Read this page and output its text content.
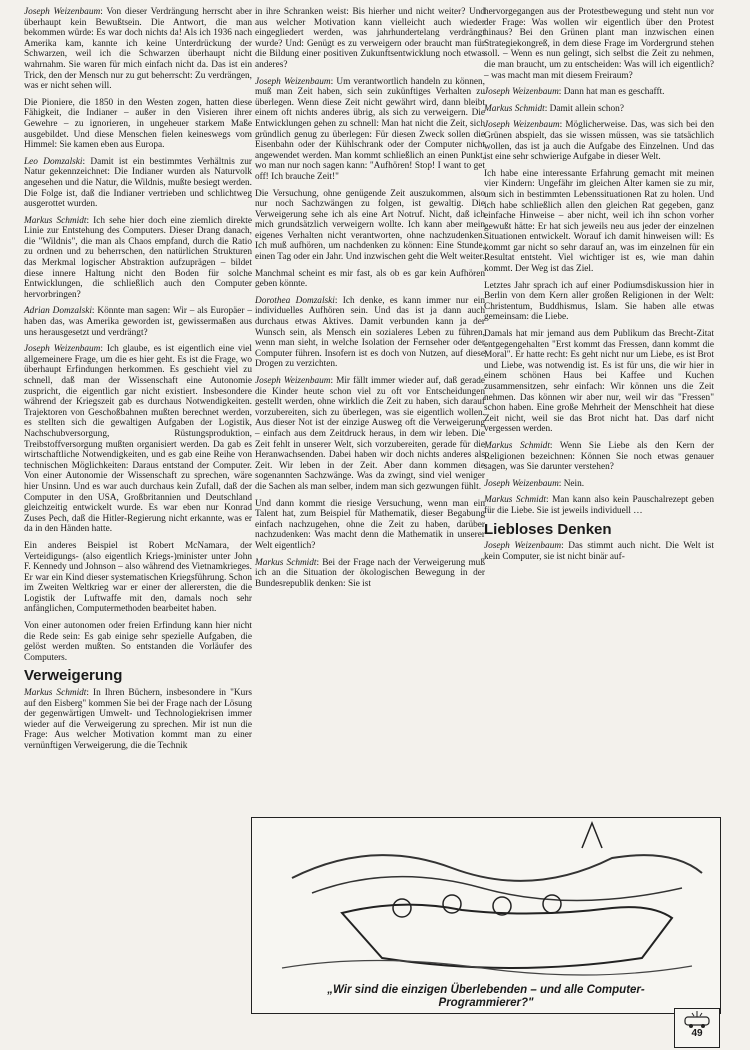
Joseph Weizenbaum : Von dieser Verdrängung herrscht aber überhaupt kein Bewußtsein. Die Antwort, die man bekommen würde: Es war doch nichts da! Als ich 1936 nach Amerika kam, kannte ich keine Unterdrückung der Schwarzen, weil ich die Schwarzen überhaupt nicht wahrnahm. Sie waren für mich einfach nicht da. Das ist ein Trick, den der Mensch nur zu gut beherrscht: Zu verdrängen, was er nicht sehen will.

Die Pioniere, die 1850 in den Westen zogen, hatten diese Fähigkeit, die Indianer – außer in den Visieren ihrer Gewehre – zu ignorieren, in ungeheuer starkem Maße ausgebildet. Und diese Menschen fielen keineswegs vom Himmel: Sie kamen eben aus Europa.

Leo Domzalski : Damit ist ein bestimmtes Verhältnis zur Natur gekennzeichnet: Die Indianer wurden als Naturvolk angesehen und die Natur, die Wildnis, mußte besiegt werden. Die Folge ist, daß die Indianer vertrieben und schlichtweg ausgerottet wurden.

Markus Schmidt : Ich sehe hier doch eine ziemlich direkte Linie zur Entstehung des Computers. Dieser Drang danach, die "Wildnis", die man als Chaos empfand, durch die Ratio zu ordnen und zu beherrschen, den natürlichen Strukturen das Merkmal logischer Abstraktion aufzuprägen – bildet diese innere Haltung nicht den Boden für solche Entwicklungen, die schließlich auch den Computer hervorbringen?

Adrian Domzalski : Könnte man sagen: Wir – als Europäer – haben das, was Amerika geworden ist, gewissermaßen aus uns herausgesetzt und verdrängt?

Joseph Weizenbaum : Ich glaube, es ist eigentlich eine viel allgemeinere Frage, um die es hier geht. Es ist die Frage, wo überhaupt Erfindungen herkommen. Es geschieht viel zu schnell, daß man der Wissenschaft eine Autonomie zuspricht, die eigentlich gar nicht existiert. Insbesondere während der Kriegszeit gab es durchaus Notwendigkeiten. Trajektoren von Geschoßbahnen mußten berechnet werden, es stellten sich die gewaltigen Aufgaben der Logistik, Nachschubversorgung, Rüstungsproduktion, Treibstoffversorgung mußten organisiert werden. Da gab es wirtschaftliche Notwendigkeiten, und es gab eine Reihe von technischen Möglichkeiten: Daraus entstand der Computer. Von einer Autonomie der Wissenschaft zu sprechen, wäre hier Unsinn. Und es war auch durchaus kein Zufall, daß der Computer in den USA, Großbritannien und Deutschland gleichzeitig entwickelt wurde. Es war eben nur Konrad Zuses Pech, daß die Hitler-Regierung nicht erkannte, was er da in den Händen hatte.

Ein anderes Beispiel ist Robert McNamara, der Verteidigungs- (also eigentlich Kriegs-)minister unter John F. Kennedy und Johnson – also während des Vietnamkrieges. Er war ein Kind dieser systematischen Kriegsführung. Schon im Zweiten Weltkrieg war er einer der allerersten, die die Logistik der Luftwaffe mit den, damals noch sehr anfänglichen, Computermethoden bearbeitet haben.

Von einer autonomen oder freien Erfindung kann hier nicht die Rede sein: Es gab einige sehr spezielle Aufgaben, die gelöst werden mußten. So entstanden die Vorläufer des Computers.

Verweigerung

Markus Schmidt : In Ihren Büchern, insbesondere in "Kurs auf den Eisberg" kommen Sie bei der Frage nach der Lösung der gegenwärtigen Umwelt- und Technologiekrisen immer wieder auf die Verweigerung zu sprechen. Mir ist nun die Frage: Aus welcher Motivation kommt man zu einer vernünftigen Verweigerung, die die Technik

in ihre Schranken weist: Bis hierher und nicht weiter? Und aus welcher Motivation kann vielleicht auch wieder eingegliedert werden, was jahrhundertelang verdrängt wurde? Und: Genügt es zu verweigern oder braucht man für die Bildung einer positiven Zukunftsentwicklung noch etwas anderes?

Joseph Weizenbaum : Um verantwortlich handeln zu können, muß man Zeit haben, sich sein zukünftiges Verhalten zu überlegen. Wenn diese Zeit nicht gewährt wird, dann bleibt einem oft nichts anderes übrig, als sich zu verweigern. Die Entwicklungen gehen zu schnell: Man hat nicht die Zeit, sich gründlich genug zu überlegen: Für diesen Zweck sollen die Eisenbahn oder der Kühlschrank oder der Computer nicht angewendet werden. Man kommt schließlich an einen Punkt, wo man nur noch sagen kann: "Aufhören! Stop! I want to get off! Ich brauche Zeit!"

Die Versuchung, ohne genügende Zeit auszukommen, also nur noch Sachzwängen zu folgen, ist gewaltig. Die Verweigerung sehe ich als eine Art Notruf. Nicht, daß ich mich grundsätzlich verweigern wollte. Ich kann aber mein eigenes Verhalten nicht verantworten, ohne nachzudenken. Ich muß aufhören, um nachdenken zu können: Eine Stunde, einen Tag oder ein Jahr. Und inzwischen geht die Welt weiter.

Manchmal scheint es mir fast, als ob es gar kein Aufhören geben könnte.

Dorothea Domzalski : Ich denke, es kann immer nur ein individuelles Aufhören sein. Und das ist ja dann auch durchaus etwas Aktives. Damit verbunden kann ja der Wunsch sein, als Mensch ein sozialeres Leben zu führen, wenn man sieht, in welche Isolation der Fernseher oder der Computer führen. Insofern ist es doch von Nutzen, auf diese Drogen zu verzichten.

Joseph Weizenbaum : Mir fällt immer wieder auf, daß gerade die Kinder heute schon viel zu oft vor Entscheidungen gestellt werden, ohne wirklich die Zeit zu haben, sich darauf vorzubereiten, sich zu überlegen, was sie eigentlich wollen. Aus dieser Not ist der einzige Ausweg oft die Verweigerung – einfach aus dem Zeitdruck heraus, in dem wir leben. Die Zeit fehlt in unserer Welt, sich vorzubereiten, gerade für die Heranwachsenden. Dabei haben wir doch nichts anderes als Zeit. Wir leben in der Zeit. Aber dann kommen die sogenannten Sachzwänge. Was da zwingt, sind viel weniger die Sachen als man selber, indem man sich gezwungen fühlt.

Und dann kommt die riesige Versuchung, wenn man ein Talent hat, zum Beispiel für Mathematik, dieser Begabung einfach nachzugehen, ohne die Zeit zu haben, darüber nachzudenken: Was macht denn die Mathematik in unserer Welt eigentlich?

Markus Schmidt : Bei der Frage nach der Verweigerung muß ich an die Situation der ökologischen Bewegung in der Bundesrepublik denken: Sie ist

hervorgegangen aus der Protestbewegung und steht nun vor der Frage: Was wollen wir eigentlich über den Protest hinaus? Bei den Grünen plant man inzwischen einen Strategiekongreß, in dem diese Frage im Vordergrund stehen soll. – Wenn es nun gelingt, sich selbst die Zeit zu nehmen, die man braucht, um zu entscheiden: Was will ich eigentlich? – was macht man mit diesem Freiraum?

Joseph Weizenbaum : Dann hat man es geschafft.

Markus Schmidt : Damit allein schon?

Joseph Weizenbaum : Möglicherweise. Das, was sich bei den Grünen abspielt, das sie wissen müssen, was sie tatsächlich wollen, das ist ja auch die Aufgabe des Einzelnen. Und das ist eine sehr schwierige Aufgabe in dieser Welt.

Ich habe eine interessante Erfahrung gemacht mit meinen vier Kindern: Ungefähr im gleichen Alter kamen sie zu mir, um sich in bestimmten Lebenssituationen Rat zu holen. Und ich habe schließlich allen den gleichen Rat gegeben, ganz einfache Hinweise – aber nicht, weil ich ihn schon vorher gewußt hätte: Er hat sich jeweils neu aus jeder der einzelnen Situationen entwickelt. Worauf ich damit hinweisen will: Es kommt gar nicht so sehr darauf an, was im einzelnen für ein Resultat entsteht. Viel wichtiger ist es, wie man dahin kommt. Der Weg ist das Ziel.

Letztes Jahr sprach ich auf einer Podiumsdiskussion hier in Berlin von dem Kern aller großen Religionen in der Welt: Christentum, Buddhismus, Islam. Sie haben alle etwas gemeinsam: die Liebe.

Damals hat mir jemand aus dem Publikum das Brecht-Zitat entgegengehalten "Erst kommt das Fressen, dann kommt die Moral". Er hatte recht: Es geht nicht nur um Liebe, es ist Brot und Liebe, was notwendig ist. Es ist für uns, die wir hier in einem schönen Haus bei Kaffee und Kuchen zusammensitzen, sehr einfach: Wir können uns die Zeit nehmen. Das können wir aber nur, weil wir das "Fressen" schon haben. Eine große Mehrheit der Menschheit hat diese Zeit nicht, weil sie das Brot nicht hat. Das darf nicht vergessen werden.

Markus Schmidt : Wenn Sie Liebe als den Kern der Religionen bezeichnen: Können Sie noch etwas genauer sagen, was Sie darunter verstehen?

Joseph Weizenbaum : Nein.

Markus Schmidt : Man kann also kein Pauschalrezept geben für die Liebe. Sie ist jeweils individuell …

Liebloses Denken

Joseph Weizenbaum : Das stimmt auch nicht. Die Welt ist kein Computer, sie ist nicht binär auf-

„Wir sind die einzigen Überlebenden – und alle Computer-Programmierer?"
49
